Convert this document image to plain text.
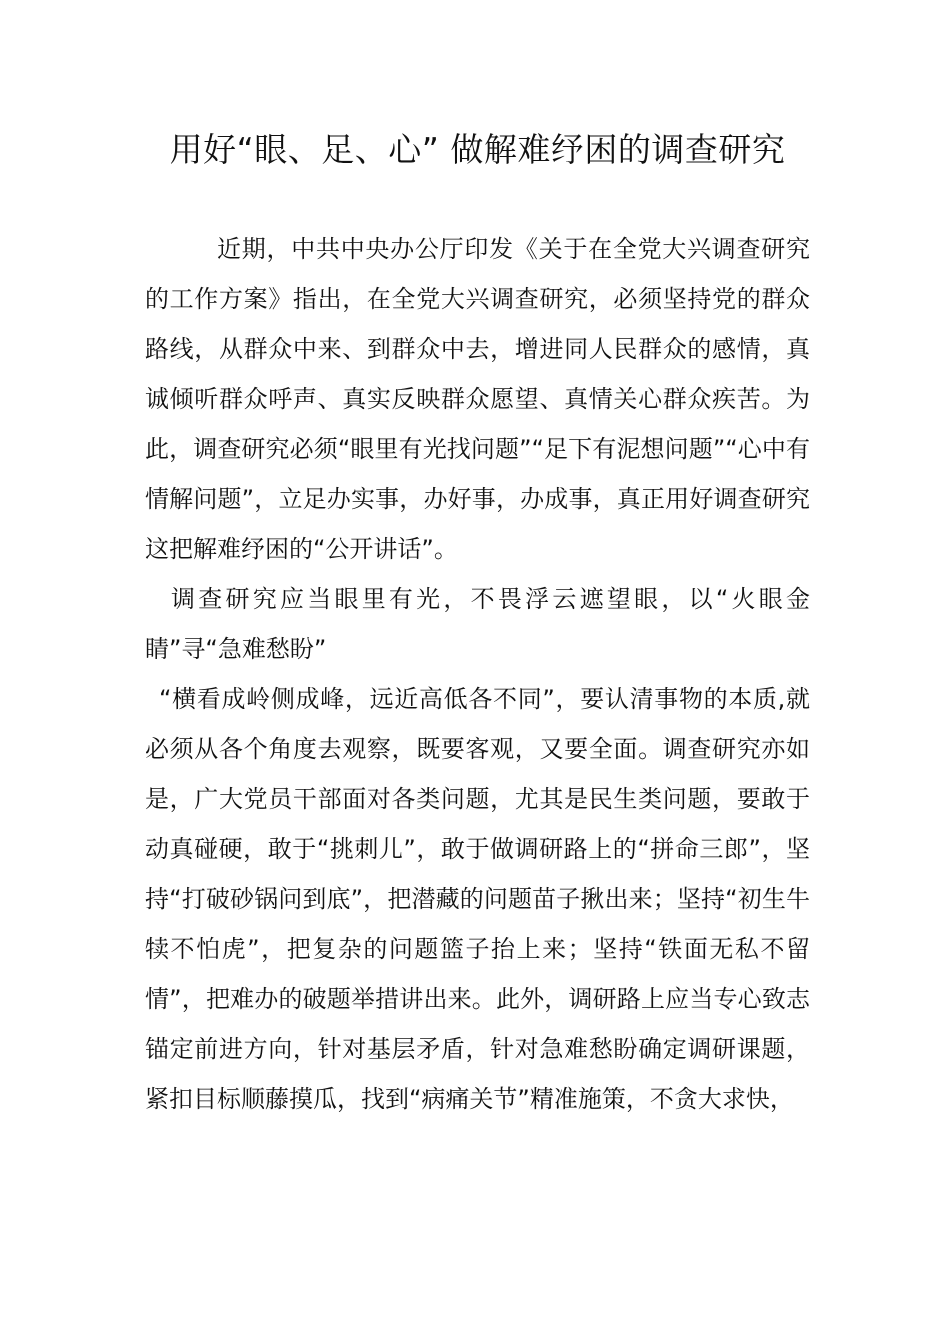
用好“眼、足、心” 做解难纾困的调查研究

近期，中共中央办公厅印发《关于在全党大兴调查研究的工作方案》指出，在全党大兴调查研究，必须坚持党的群众路线，从群众中来、到群众中去，增进同人民群众的感情，真诚倾听群众呼声、真实反映群众愿望、真情关心群众疾苦。为此，调查研究必须“眼里有光找问题”“足下有泥想问题”“心中有情解问题”，立足办实事，办好事，办成事，真正用好调查研究这把解难纾困的“公开讲话”。

调查研究应当眼里有光，不畏浮云遮望眼，以“火眼金睛”寻“急难愁盼”

“横看成岭侧成峰，远近高低各不同”，要认清事物的本质,就必须从各个角度去观察，既要客观，又要全面。调查研究亦如是，广大党员干部面对各类问题，尤其是民生类问题，要敢于动真碰硬，敢于“挑刺儿”，敢于做调研路上的“拼命三郎”，坚持“打破砂锅问到底”，把潜藏的问题苗子揪出来；坚持“初生牛犊不怕虎”，把复杂的问题篮子抬上来；坚持“铁面无私不留情”，把难办的破题举措讲出来。此外，调研路上应当专心致志锚定前进方向，针对基层矛盾，针对急难愁盼确定调研课题，紧扣目标顺藤摸瓜，找到“病痛关节”精准施策，不贪大求快，
